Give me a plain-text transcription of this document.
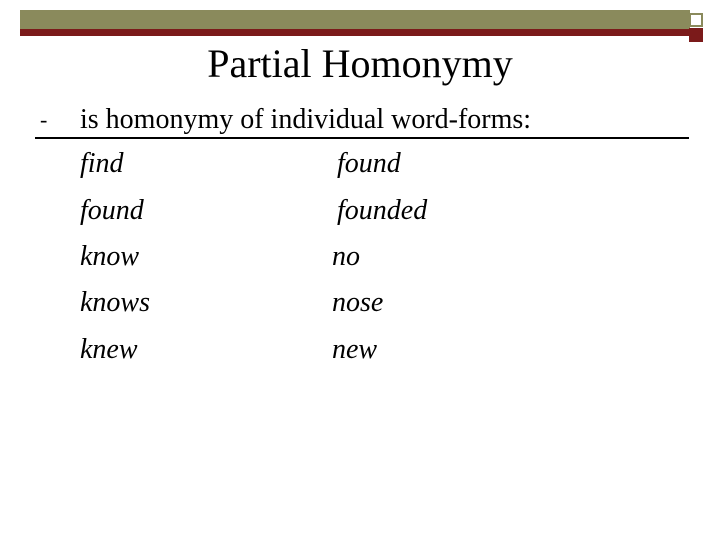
Partial Homonymy
- is homonymy of individual word-forms:
find	found
found	founded
know	no
knows	nose
knew	new
